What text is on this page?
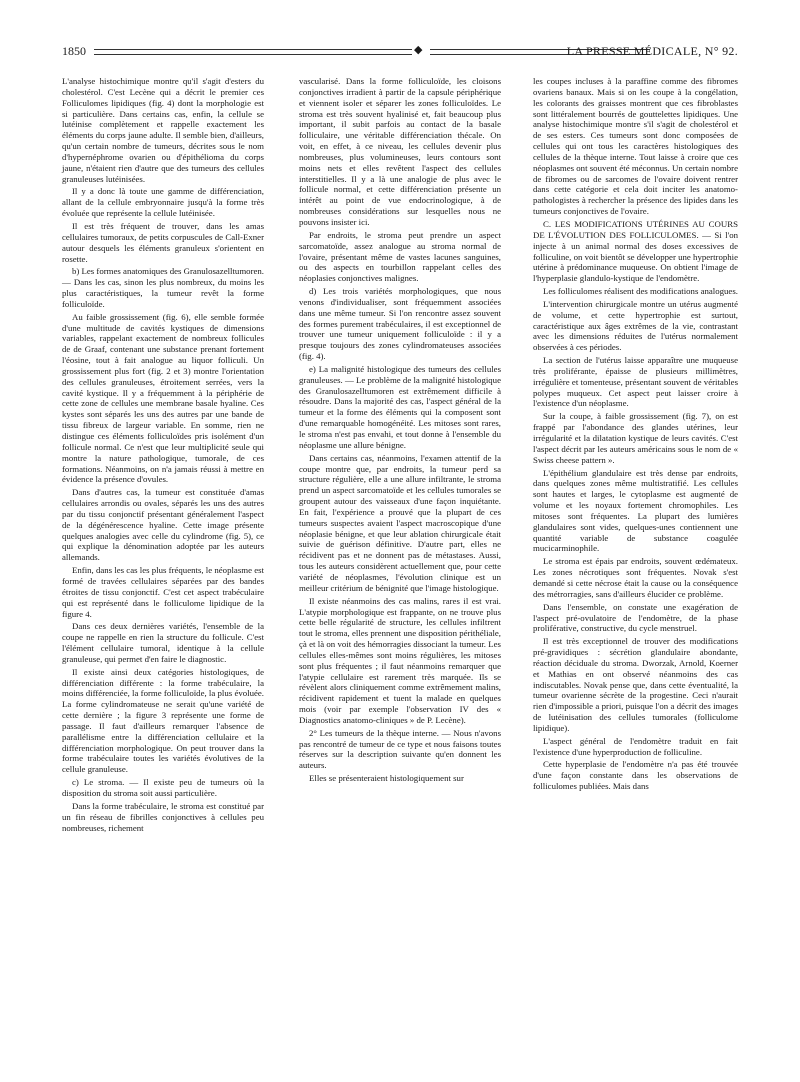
1850	◆	LA PRESSE MÉDICALE, N° 92.

L'analyse histochimique montre qu'il s'agit d'esters du cholestérol. C'est Lecène qui a décrit le premier ces Folliculomes lipidiques (fig. 4) dont la morphologie est si particulière. Dans certains cas, enfin, la cellule se lutéinise complètement et rappelle exactement les éléments du corps jaune adulte. Il semble bien, d'ailleurs, qu'un certain nombre de tumeurs, décrites sous le nom d'hypernéphrome ovarien ou d'épithélioma du corps jaune, n'étaient rien d'autre que des tumeurs des cellules granuleuses lutéinisées.

Il y a donc là toute une gamme de différenciation, allant de la cellule embryonnaire jusqu'à la forme très évoluée que représente la cellule lutéinisée.

Il est très fréquent de trouver, dans les amas cellulaires tumoraux, de petits corpuscules de Call-Exner autour desquels les éléments granuleux s'orientent en rosette.

b) Les formes anatomiques des Granulosazelltumoren. — Dans les cas, sinon les plus nombreux, du moins les plus caractéristiques, la tumeur revêt la forme folliculoïde.

Au faible grossissement (fig. 6), elle semble formée d'une multitude de cavités kystiques de dimensions variables, rappelant exactement de nombreux follicules de de Graaf, contenant une substance prenant fortement l'éosine, tout à fait analogue au liquor folliculi. Un grossissement plus fort (fig. 2 et 3) montre l'orientation des cellules granuleuses, étroitement serrées, vers la cavité kystique. Il y a fréquemment à la périphérie de cette zone de cellules une membrane basale hyaline. Ces kystes sont séparés les uns des autres par une bande de tissu fibreux de largeur variable. En somme, rien ne distingue ces éléments folliculoïdes pris isolément d'un follicule normal. Ce n'est que leur multiplicité seule qui montre la nature pathologique, tumorale, de ces formations. Néanmoins, on n'a jamais réussi à mettre en évidence la présence d'ovules.

Dans d'autres cas, la tumeur est constituée d'amas cellulaires arrondis ou ovales, séparés les uns des autres par du tissu conjonctif présentant généralement l'aspect de la dégénérescence hyaline. Cette image présente quelques analogies avec celle du cylindrome (fig. 5), ce qui explique la dénomination adoptée par les auteurs allemands.

Enfin, dans les cas les plus fréquents, le néoplasme est formé de travées cellulaires séparées par des bandes étroites de tissu conjonctif. C'est cet aspect trabéculaire qui est représenté dans le folliculome lipidique de la figure 4.

Dans ces deux dernières variétés, l'ensemble de la coupe ne rappelle en rien la structure du follicule. C'est l'élément cellulaire tumoral, identique à la cellule granuleuse, qui permet d'en faire le diagnostic.

Il existe ainsi deux catégories histologiques, de différenciation différente : la forme trabéculaire, la moins différenciée, la forme folliculoïde, la plus évoluée. La forme cylindromateuse ne serait qu'une variété de cette dernière ; la figure 3 représente une forme de passage. Il faut d'ailleurs remarquer l'absence de parallélisme entre la différenciation cellulaire et la différenciation morphologique. On peut trouver dans la forme trabéculaire toutes les variétés évolutives de la cellule granuleuse.

c) Le stroma. — Il existe peu de tumeurs où la disposition du stroma soit aussi particulière.

Dans la forme trabéculaire, le stroma est constitué par un fin réseau de fibrilles conjonctives à cellules peu nombreuses, richement

vascularisé. Dans la forme folliculoïde, les cloisons conjonctives irradient à partir de la capsule périphérique et viennent isoler et séparer les zones folliculoïdes. Le stroma est très souvent hyalinisé et, fait beaucoup plus important, il subit parfois au contact de la basale folliculaire, une véritable différenciation thécale. On voit, en effet, à ce niveau, les cellules devenir plus nombreuses, plus volumineuses, leurs contours sont moins nets et elles revêtent l'aspect des cellules interstitielles. Il y a là une analogie de plus avec le follicule normal, et cette différenciation présente un intérêt au point de vue endocrinologique, à de nombreuses considérations sur lesquelles nous ne pouvons insister ici.

Par endroits, le stroma peut prendre un aspect sarcomatoïde, assez analogue au stroma normal de l'ovaire, présentant même de vastes lacunes sanguines, ou des aspects en tourbillon rappelant celles des néoplasies conjonctives malignes.

d) Les trois variétés morphologiques, que nous venons d'individualiser, sont fréquemment associées dans une même tumeur. Si l'on rencontre assez souvent des formes purement trabéculaires, il est exceptionnel de trouver une tumeur uniquement folliculoïde : il y a presque toujours des zones cylindromateuses associées (fig. 4).

e) La malignité histologique des tumeurs des cellules granuleuses. — Le problème de la malignité histologique des Granulosazelltumoren est extrêmement difficile à résoudre. Dans la majorité des cas, l'aspect général de la tumeur et la forme des éléments qui la composent sont d'une remarquable homogénéité. Les mitoses sont rares, le stroma n'est pas envahi, et tout donne à l'ensemble du néoplasme une allure bénigne.

Dans certains cas, néanmoins, l'examen attentif de la coupe montre que, par endroits, la tumeur perd sa structure régulière, elle a une allure infiltrante, le stroma prend un aspect sarcomatoïde et les cellules tumorales se groupent autour des vaisseaux d'une façon inquiétante. En fait, l'expérience a prouvé que la plupart de ces tumeurs suspectes avaient l'aspect macroscopique d'une néoplasie bénigne, et que leur ablation chirurgicale était suivie de guérison définitive. D'autre part, elles ne récidivent pas et ne donnent pas de métastases. Aussi, tous les auteurs considèrent actuellement que, pour cette variété de néoplasmes, l'évolution clinique est un meilleur critérium de bénignité que l'image histologique.

Il existe néanmoins des cas malins, rares il est vrai. L'atypie morphologique est frappante, on ne trouve plus cette belle régularité de structure, les cellules infiltrent tout le stroma, elles prennent une disposition périthéliale, çà et là on voit des hémorragies dissociant la tumeur. Les cellules elles-mêmes sont moins régulières, les mitoses sont plus fréquentes ; il faut néanmoins remarquer que l'atypie cellulaire est rarement très marquée. Ils se révèlent alors cliniquement comme extrêmement malins, récidivent rapidement et tuent la malade en quelques mois (voir par exemple l'observation IV des « Diagnostics anatomo-cliniques » de P. Lecène).

2° Les tumeurs de la thèque interne. — Nous n'avons pas rencontré de tumeur de ce type et nous faisons toutes réserves sur la description suivante qu'en donnent les auteurs.

Elles se présenteraient histologiquement sur

les coupes incluses à la paraffine comme des fibromes ovariens banaux. Mais si on les coupe à la congélation, les colorants des graisses montrent que ces fibroblastes sont littéralement bourrés de gouttelettes lipidiques. Une analyse histochimique montre s'il s'agit de cholestérol et de ses esters. Ces tumeurs sont donc composées de cellules qui ont tous les caractères histologiques des cellules de la thèque interne. Tout laisse à croire que ces néoplasmes ont souvent été méconnus. Un certain nombre de fibromes ou de sarcomes de l'ovaire doivent rentrer dans cette catégorie et cela doit inciter les anatomo-pathologistes à rechercher la présence des lipides dans les tumeurs conjonctives de l'ovaire.

C. LES MODIFICATIONS UTÉRINES AU COURS DE L'ÉVOLUTION DES FOLLICULOMES. — Si l'on injecte à un animal normal des doses excessives de folliculine, on voit bientôt se développer une hypertrophie utérine à prédominance muqueuse. On obtient l'image de l'hyperplasie glandulo-kystique de l'endomètre.

Les folliculomes réalisent des modifications analogues.

L'intervention chirurgicale montre un utérus augmenté de volume, et cette hypertrophie est surtout, caractéristique aux âges extrêmes de la vie, contrastant avec les dimensions réduites de l'utérus normalement observées à ces périodes.

La section de l'utérus laisse apparaître une muqueuse très proliférante, épaisse de plusieurs millimètres, irrégulière et tomenteuse, présentant souvent de véritables polypes muqueux. Cet aspect peut laisser croire à l'existence d'un néoplasme.

Sur la coupe, à faible grossissement (fig. 7), on est frappé par l'abondance des glandes utérines, leur irrégularité et la dilatation kystique de leurs cavités. C'est l'aspect décrit par les auteurs américains sous le nom de « Swiss cheese pattern ».

L'épithélium glandulaire est très dense par endroits, dans quelques zones même multistratifié. Les cellules sont hautes et larges, le cytoplasme est augmenté de volume et les noyaux fortement chromophiles. Les mitoses sont fréquentes. La plupart des lumières glandulaires sont vides, quelques-unes contiennent une quantité variable de substance coagulée mucicarminophile.

Le stroma est épais par endroits, souvent œdémateux. Les zones nécrotiques sont fréquentes. Novak s'est demandé si cette nécrose était la cause ou la conséquence des métrorragies, sans d'ailleurs élucider ce problème.

Dans l'ensemble, on constate une exagération de l'aspect pré-ovulatoire de l'endomètre, de la phase proliférative, constructive, du cycle menstruel.

Il est très exceptionnel de trouver des modifications pré-gravidiques : sécrétion glandulaire abondante, réaction déciduale du stroma. Dworzak, Arnold, Koerner et Mathias en ont observé néanmoins des cas indiscutables. Novak pense que, dans cette éventualité, la tumeur ovarienne sécrète de la progestine. Ceci n'aurait rien d'impossible a priori, puisque l'on a décrit des images de lutéinisation des cellules tumorales (folliculome lipidique).

L'aspect général de l'endomètre traduit en fait l'existence d'une hyperproduction de folliculine.

Cette hyperplasie de l'endomètre n'a pas été trouvée d'une façon constante dans les observations de folliculomes publiées. Mais dans
